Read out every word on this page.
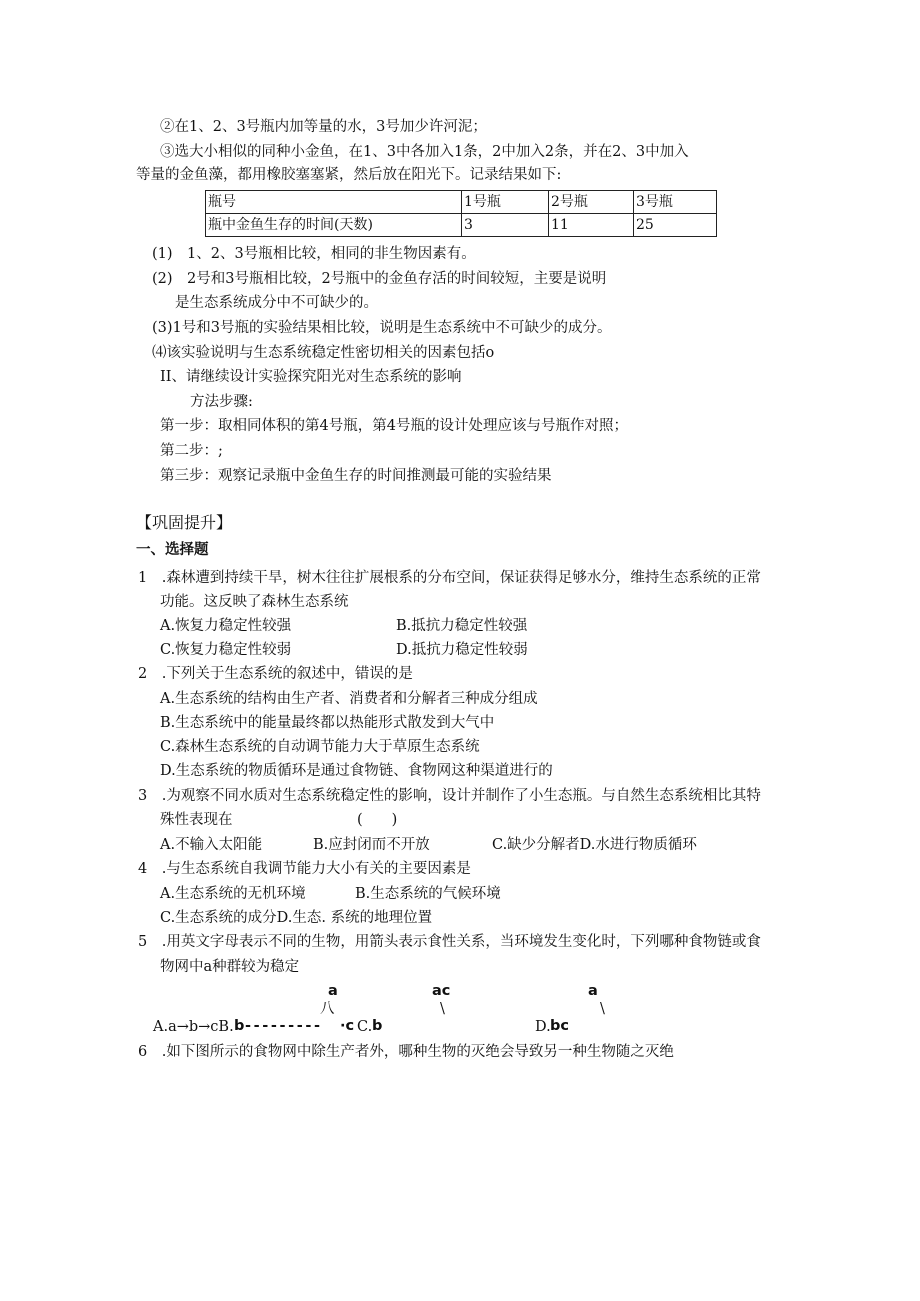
②在1、2、3号瓶内加等量的水，3号加少许河泥；
③选大小相似的同种小金鱼，在1、3中各加入1条，2中加入2条，并在2、3中加入
等量的金鱼藻，都用橡胶塞塞紧，然后放在阳光下。记录结果如下:
瓶号	1号瓶	2号瓶	3号瓶
瓶中金鱼生存的时间(天数)	3	11	25
(1)　1、2、3号瓶相比较，相同的非生物因素有。
(2)　2号和3号瓶相比较，2号瓶中的金鱼存活的时间较短，主要是说明
是生态系统成分中不可缺少的。
(3)1号和3号瓶的实验结果相比较，说明是生态系统中不可缺少的成分。
⑷该实验说明与生态系统稳定性密切相关的因素包括o
II、请继续设计实验探究阳光对生态系统的影响
方法步骤:
第一步：取相同体积的第4号瓶，第4号瓶的设计处理应该与号瓶作对照；
第二步：;
第三步：观察记录瓶中金鱼生存的时间推测最可能的实验结果
【巩固提升】
一、选择题
1　.森林遭到持续干旱，树木往往扩展根系的分布空间，保证获得足够水分，维持生态系统的正常
功能。这反映了森林生态系统
A.恢复力稳定性较强	B.抵抗力稳定性较强
C.恢复力稳定性较弱	D.抵抗力稳定性较弱
2　.下列关于生态系统的叙述中，错误的是
A.生态系统的结构由生产者、消费者和分解者三种成分组成
B.生态系统中的能量最终都以热能形式散发到大气中
C.森林生态系统的自动调节能力大于草原生态系统
D.生态系统的物质循环是通过食物链、食物网这种渠道进行的
3　.为观察不同水质对生态系统稳定性的影响，设计并制作了小生态瓶。与自然生态系统相比其特
殊性表现在	(　　)
A.不输入太阳能	B.应封闭而不开放	C.缺少分解者D.水进行物质循环
4　.与生态系统自我调节能力大小有关的主要因素是
A.生态系统的无机环境	B.生态系统的气候环境
C.生态系统的成分D.生态. 系统的地理位置
5　.用英文字母表示不同的生物，用箭头表示食性关系，当环境发生变化时，下列哪种食物链或食
物网中a种群较为稳定
a	ac	a
八	\	\
A.a→b→cB. b --------- ·c C. b	D. bc
6　.如下图所示的食物网中除生产者外，哪种生物的灭绝会导致另一种生物随之灭绝
